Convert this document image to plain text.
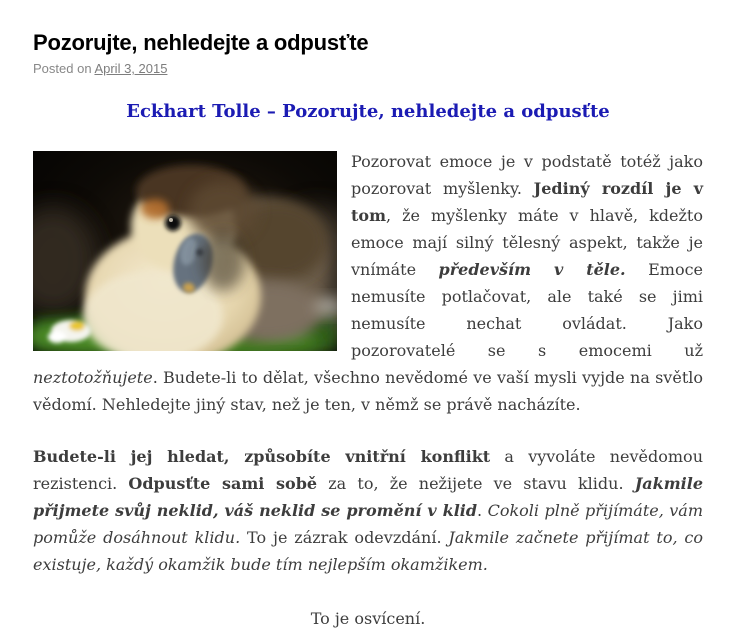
Pozorujte, nehledejte a odpusťte
Posted on April 3, 2015
Eckhart Tolle – Pozorujte, nehledejte a odpusťte

Pozorovat emoce je v podstatě totéž jako pozorovat myšlenky. Jediný rozdíl je v tom, že myšlenky máte v hlavě, kdežto emoce mají silný tělesný aspekt, takže je vnímáte především v těle. Emoce nemusíte potlačovat, ale také se jimi nemusíte nechat ovládat. Jako pozorovatelé se s emocemi už neztotožňujete. Budete-li to dělat, všechno nevědomé ve vaší mysli vyjde na světlo vědomí. Nehledejte jiný stav, než je ten, v němž se právě nacházíte.

Budete-li jej hledat, způsobíte vnitřní konflikt a vyvoláte nevědomou rezistenci. Odpusťte sami sobě za to, že nežijete ve stavu klidu. Jakmile přijmete svůj neklid, váš neklid se promění v klid. Cokoli plně přijímáte, vám pomůže dosáhnout klidu. To je zázrak odevzdání. Jakmile začnete přijímat to, co existuje, každý okamžik bude tím nejlepším okamžikem.

To je osvícení.
